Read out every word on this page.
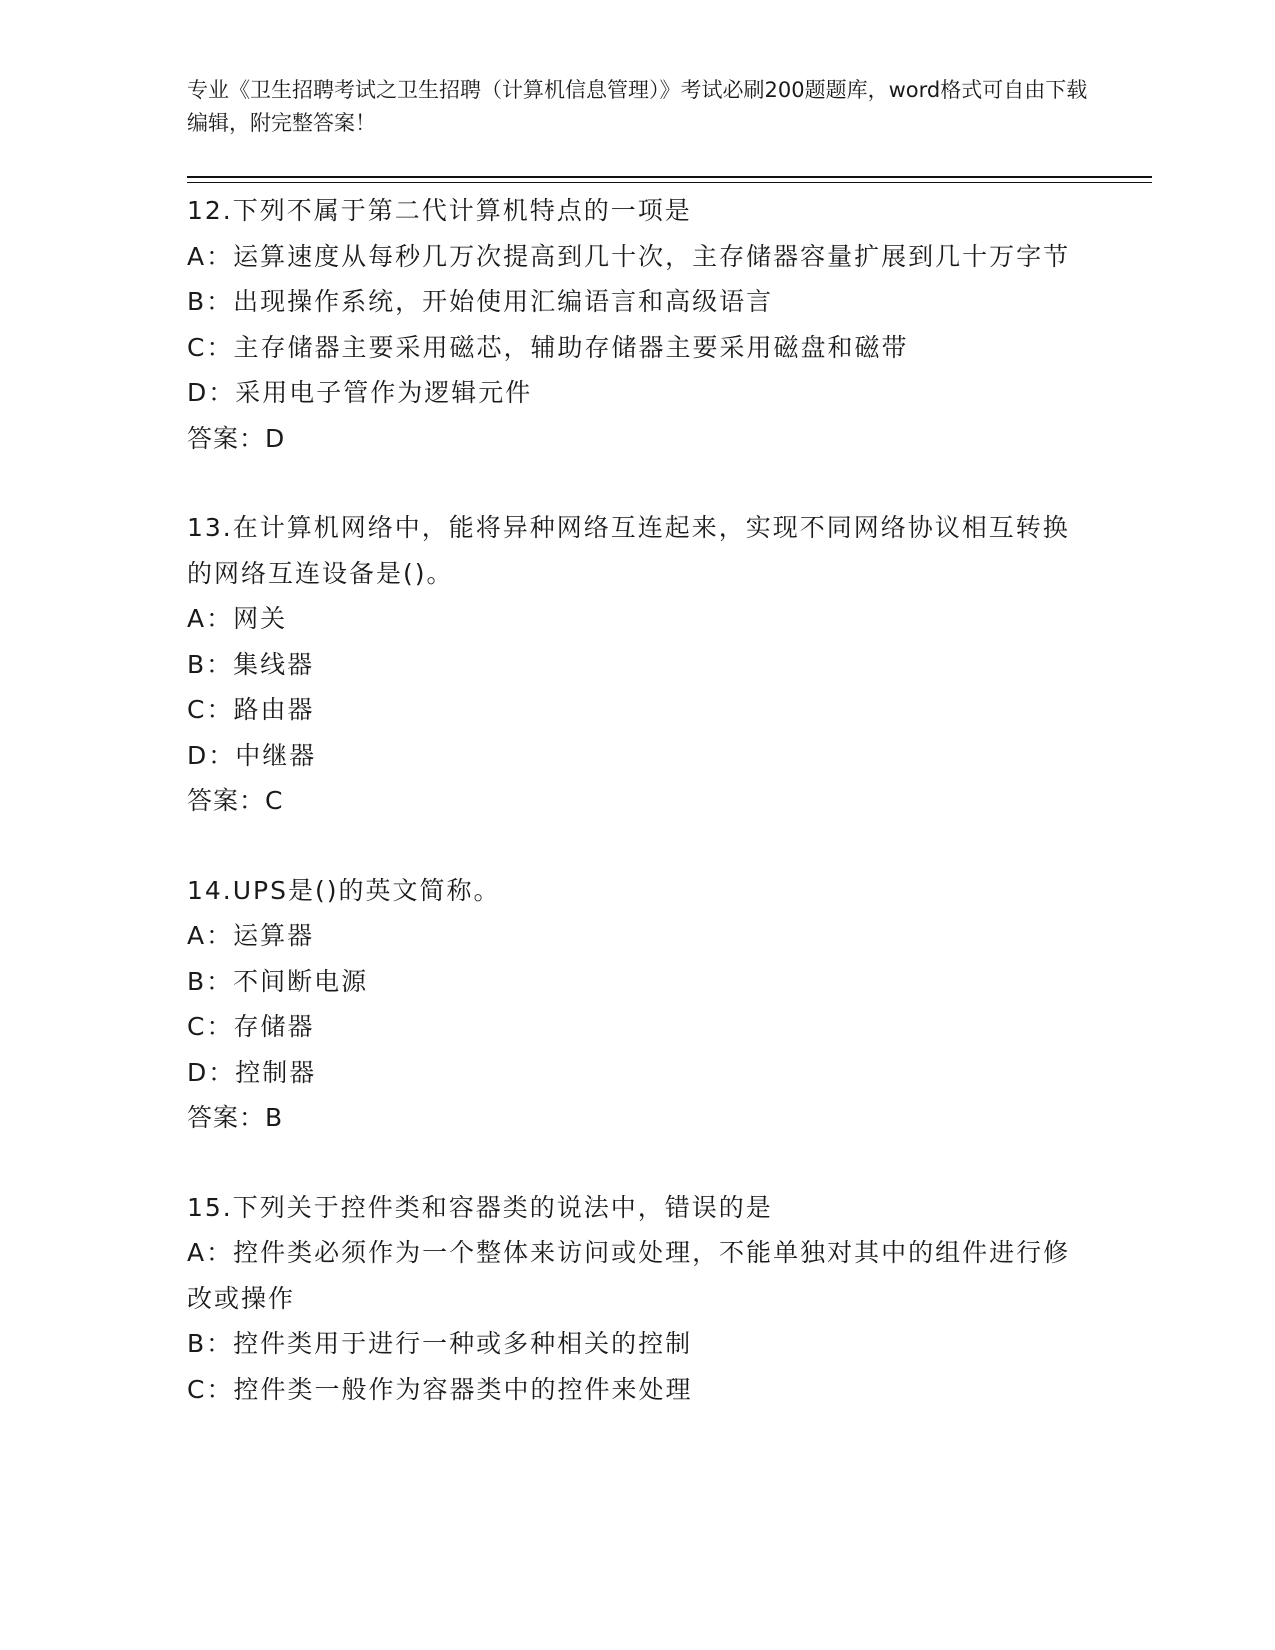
专业《卫生招聘考试之卫生招聘（计算机信息管理）》考试必刷200题题库，word格式可自由下载编辑，附完整答案！
12.下列不属于第二代计算机特点的一项是
A：运算速度从每秒几万次提高到几十次，主存储器容量扩展到几十万字节
B：出现操作系统，开始使用汇编语言和高级语言
C：主存储器主要采用磁芯，辅助存储器主要采用磁盘和磁带
D：采用电子管作为逻辑元件
答案：D
13.在计算机网络中，能将异种网络互连起来，实现不同网络协议相互转换的网络互连设备是()。
A：网关
B：集线器
C：路由器
D：中继器
答案：C
14.UPS是()的英文简称。
A：运算器
B：不间断电源
C：存储器
D：控制器
答案：B
15.下列关于控件类和容器类的说法中，错误的是
A：控件类必须作为一个整体来访问或处理，不能单独对其中的组件进行修改或操作
B：控件类用于进行一种或多种相关的控制
C：控件类一般作为容器类中的控件来处理
